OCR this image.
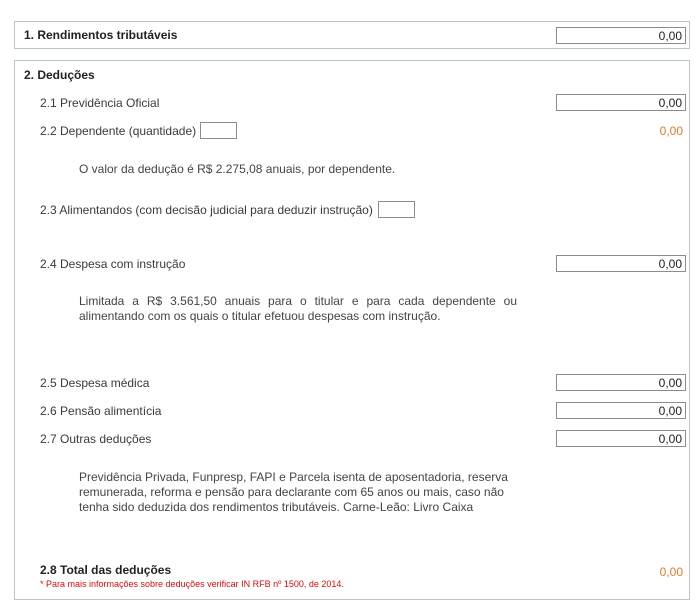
1. Rendimentos tributáveis
0,00
2. Deduções
2.1 Previdência Oficial
0,00
2.2 Dependente (quantidade)	0,00
O valor da dedução é R$ 2.275,08 anuais, por dependente.
2.3 Alimentandos (com decisão judicial para deduzir instrução)
2.4 Despesa com instrução
0,00
Limitada a R$ 3.561,50 anuais para o titular e para cada dependente ou
alimentando com os quais o titular efetuou despesas com instrução.
2.5 Despesa médica
0,00
2.6 Pensão alimentícia
0,00
2.7 Outras deduções
0,00
Previdência Privada, Funpresp, FAPI e Parcela isenta de aposentadoria, reserva
remunerada, reforma e pensão para declarante com 65 anos ou mais, caso não
tenha sido deduzida dos rendimentos tributáveis. Carne-Leão: Livro Caixa
2.8 Total das deduções	0,00
* Para mais informações sobre deduções verificar IN RFB nº 1500, de 2014.
